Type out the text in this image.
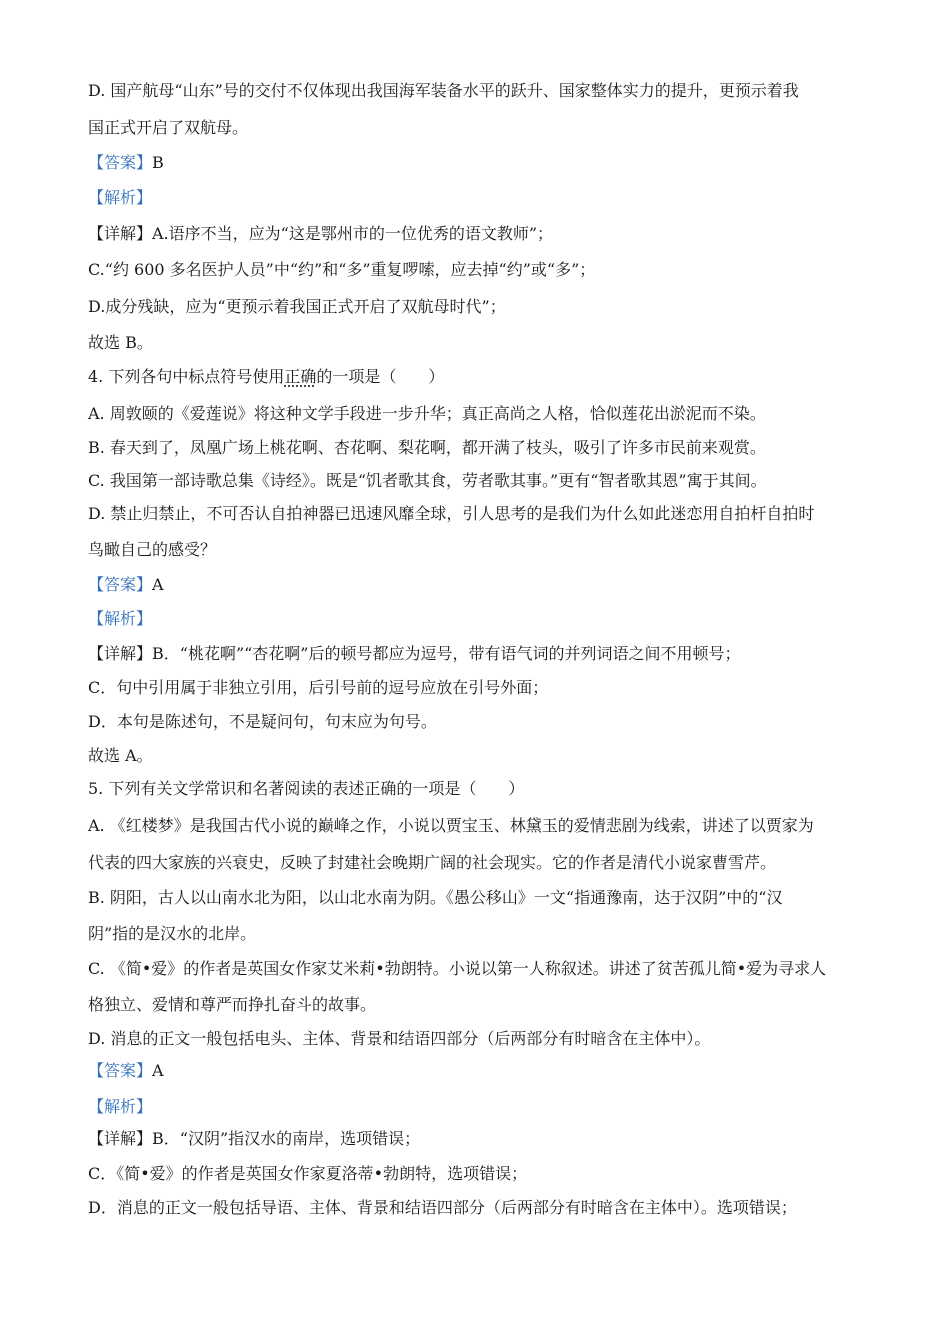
D. 国产航母“山东”号的交付不仅体现出我国海军装备水平的跃升、国家整体实力的提升，更预示着我
国正式开启了双航母。
【答案】B
【解析】
【详解】A.语序不当，应为“这是鄂州市的一位优秀的语文教师”；
C.“约 600 多名医护人员”中“约”和“多”重复啰嗦，应去掉“约”或“多”；
D.成分残缺，应为“更预示着我国正式开启了双航母时代”；
故选 B。
4. 下列各句中标点符号使用正确的一项是（　　）
A. 周敦颐的《爱莲说》将这种文学手段进一步升华；真正高尚之人格，恰似莲花出淤泥而不染。
B. 春天到了，凤凰广场上桃花啊、杏花啊、梨花啊，都开满了枝头，吸引了许多市民前来观赏。
C. 我国第一部诗歌总集《诗经》。既是“饥者歌其食，劳者歌其事。”更有“智者歌其恩”寓于其间。
D. 禁止归禁止，不可否认自拍神器已迅速风靡全球，引人思考的是我们为什么如此迷恋用自拍杆自拍时
鸟瞰自己的感受？
【答案】A
【解析】
【详解】B．“桃花啊”“杏花啊”后的顿号都应为逗号，带有语气词的并列词语之间不用顿号；
C．句中引用属于非独立引用，后引号前的逗号应放在引号外面；
D．本句是陈述句，不是疑问句，句末应为句号。
故选 A。
5. 下列有关文学常识和名著阅读的表述正确的一项是（　　）
A. 《红楼梦》是我国古代小说的巅峰之作，小说以贾宝玉、林黛玉的爱情悲剧为线索，讲述了以贾家为
代表的四大家族的兴衰史，反映了封建社会晚期广阔的社会现实。它的作者是清代小说家曹雪芹。
B. 阴阳，古人以山南水北为阳，以山北水南为阴。《愚公移山》一文“指通豫南，达于汉阴”中的“汉
阴”指的是汉水的北岸。
C. 《简•爱》的作者是英国女作家艾米莉•勃朗特。小说以第一人称叙述。讲述了贫苦孤儿简•爱为寻求人
格独立、爱情和尊严而挣扎奋斗的故事。
D. 消息的正文一般包括电头、主体、背景和结语四部分（后两部分有时暗含在主体中）。
【答案】A
【解析】
【详解】B．“汉阴”指汉水的南岸，选项错误；
C．《简•爱》的作者是英国女作家夏洛蒂•勃朗特，选项错误；
D．消息的正文一般包括导语、主体、背景和结语四部分（后两部分有时暗含在主体中）。选项错误；
